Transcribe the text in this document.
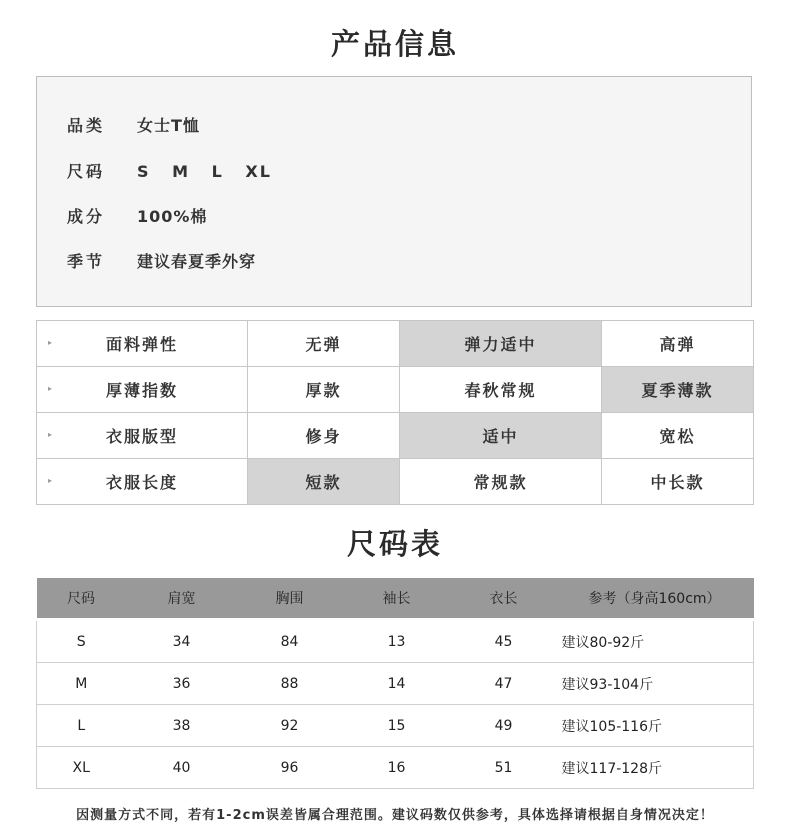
产品信息
品类 女士T恤
尺码 S M L XL
成分 100%棉
季节 建议春夏季外穿
▸ 面料弹性	无弹	弹力适中	高弹

▸ 厚薄指数	厚款	春秋常规	夏季薄款

▸ 衣服版型	修身	适中	宽松

▸ 衣服长度	短款	常规款	中长款
尺码表
尺码	肩宽	胸围	袖长	衣长	参考（身高160cm）
S	34	84	13	45	建议80-92斤
M	36	88	14	47	建议93-104斤
L	38	92	15	49	建议105-116斤
XL	40	96	16	51	建议117-128斤
因测量方式不同，若有1-2cm误差皆属合理范围。建议码数仅供参考，具体选择请根据自身情况决定！
